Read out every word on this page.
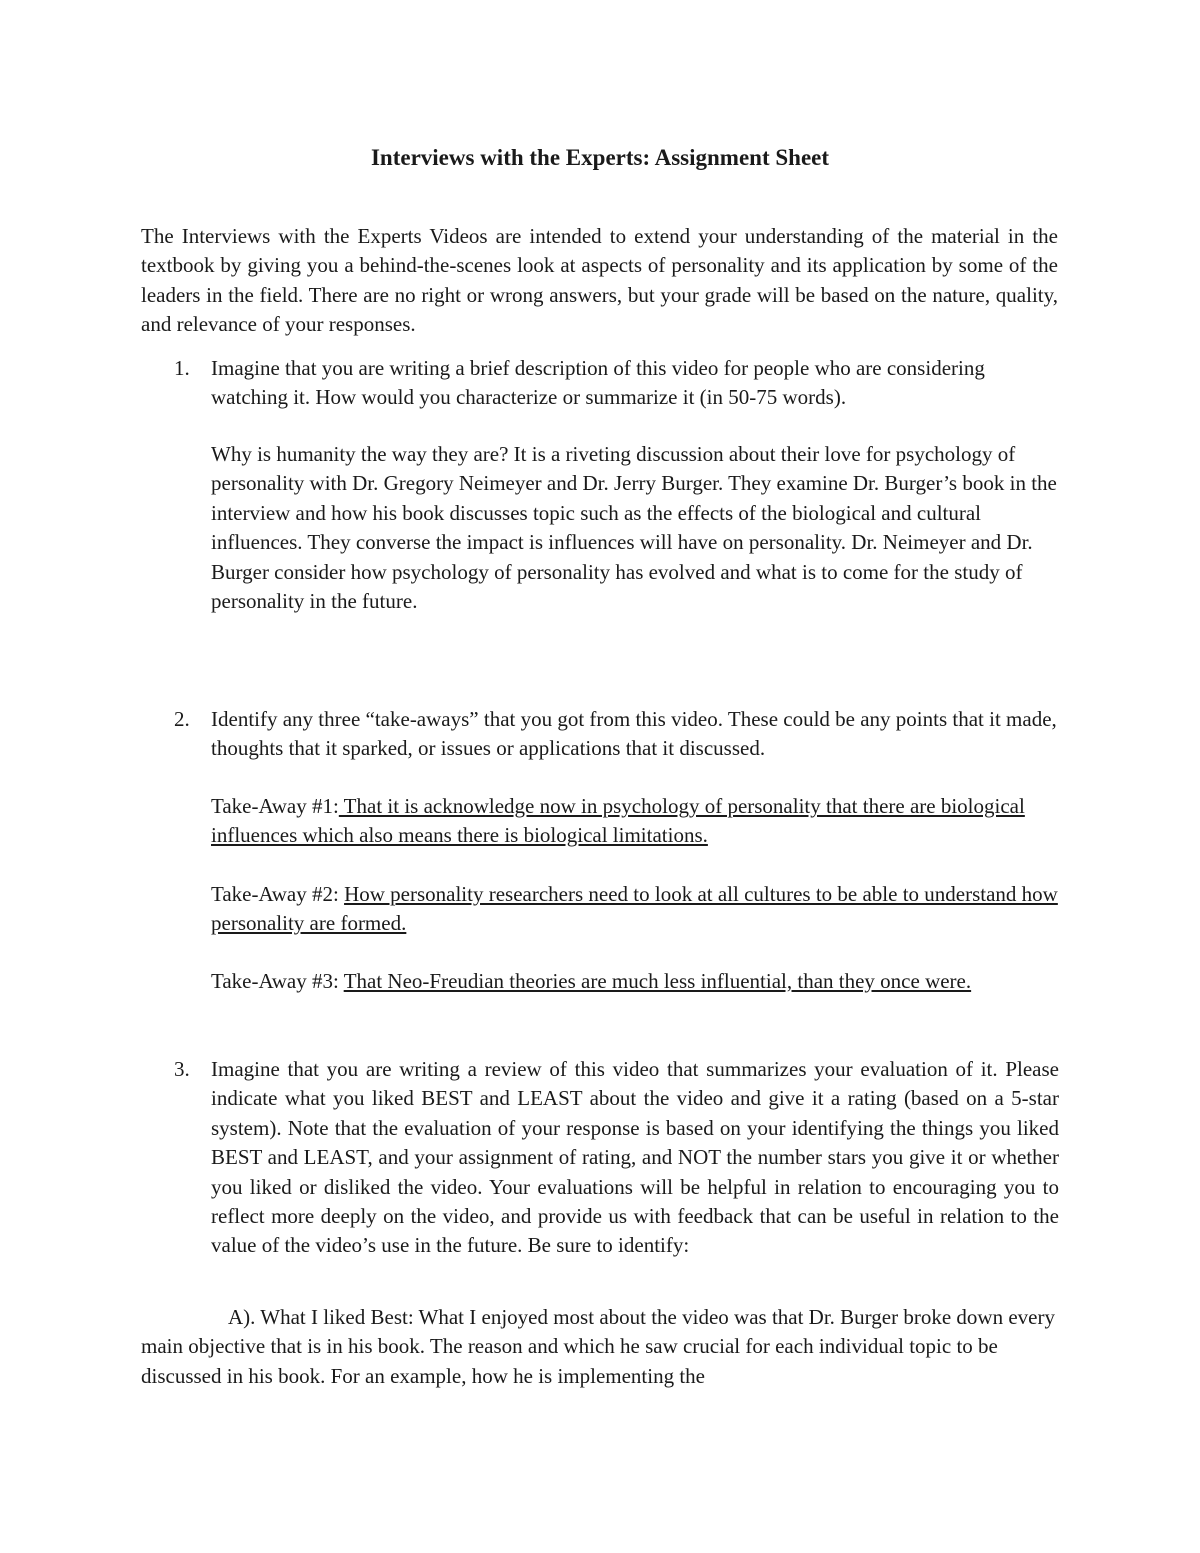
Interviews with the Experts: Assignment Sheet

The Interviews with the Experts Videos are intended to extend your understanding of the material in the textbook by giving you a behind-the-scenes look at aspects of personality and its application by some of the leaders in the field. There are no right or wrong answers, but your grade will be based on the nature, quality, and relevance of your responses.

1. Imagine that you are writing a brief description of this video for people who are considering watching it. How would you characterize or summarize it (in 50-75 words).

Why is humanity the way they are? It is a riveting discussion about their love for psychology of personality with Dr. Gregory Neimeyer and Dr. Jerry Burger. They examine Dr. Burger’s book in the interview and how his book discusses topic such as the effects of the biological and cultural influences. They converse the impact is influences will have on personality. Dr. Neimeyer and Dr. Burger consider how psychology of personality has evolved and what is to come for the study of personality in the future.

2. Identify any three “take-aways” that you got from this video. These could be any points that it made, thoughts that it sparked, or issues or applications that it discussed.

Take-Away #1: That it is acknowledge now in psychology of personality that there are biological influences which also means there is biological limitations.

Take-Away #2: How personality researchers need to look at all cultures to be able to understand how personality are formed.

Take-Away #3: That Neo-Freudian theories are much less influential, than they once were.

3. Imagine that you are writing a review of this video that summarizes your evaluation of it. Please indicate what you liked BEST and LEAST about the video and give it a rating (based on a 5-star system). Note that the evaluation of your response is based on your identifying the things you liked BEST and LEAST, and your assignment of rating, and NOT the number stars you give it or whether you liked or disliked the video. Your evaluations will be helpful in relation to encouraging you to reflect more deeply on the video, and provide us with feedback that can be useful in relation to the value of the video’s use in the future. Be sure to identify:

A). What I liked Best: What I enjoyed most about the video was that Dr. Burger broke down every main objective that is in his book. The reason and which he saw crucial for each individual topic to be discussed in his book. For an example, how he is implementing the
